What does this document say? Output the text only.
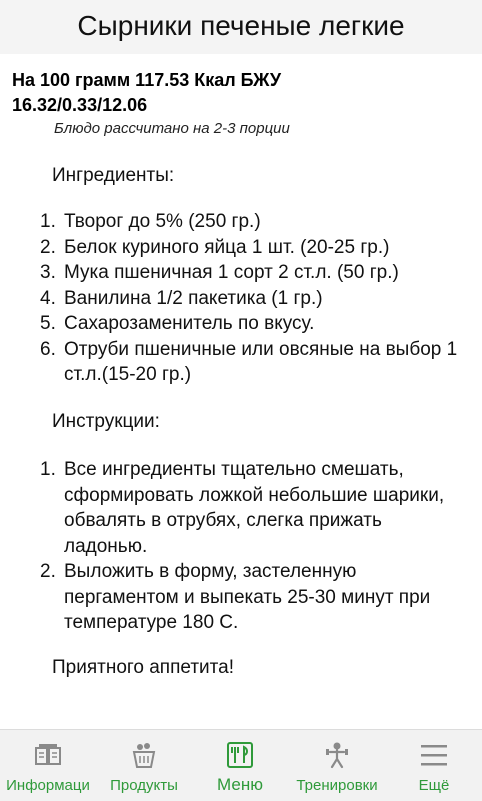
Сырники печеные легкие
На 100 грамм 117.53 Ккал БЖУ
16.32/0.33/12.06
Блюдо рассчитано на 2-3 порции
Ингредиенты:
1. Творог до 5% (250 гр.)
2. Белок куриного яйца 1 шт. (20-25 гр.)
3. Мука пшеничная 1 сорт 2 ст.л. (50 гр.)
4. Ванилина 1/2 пакетика (1 гр.)
5. Сахарозаменитель по вкусу.
6. Отруби пшеничные или овсяные на выбор 1 ст.л.(15-20 гр.)
Инструкции:
1. Все ингредиенты тщательно смешать, сформировать ложкой небольшие шарики, обвалять в отрубях, слегка прижать ладонью.
2. Выложить в форму, застеленную пергаментом и выпекать 25-30 минут при температуре 180 С.
Приятного аппетита!
Информаци	Продукты	Меню	Тренировки	Ещё
